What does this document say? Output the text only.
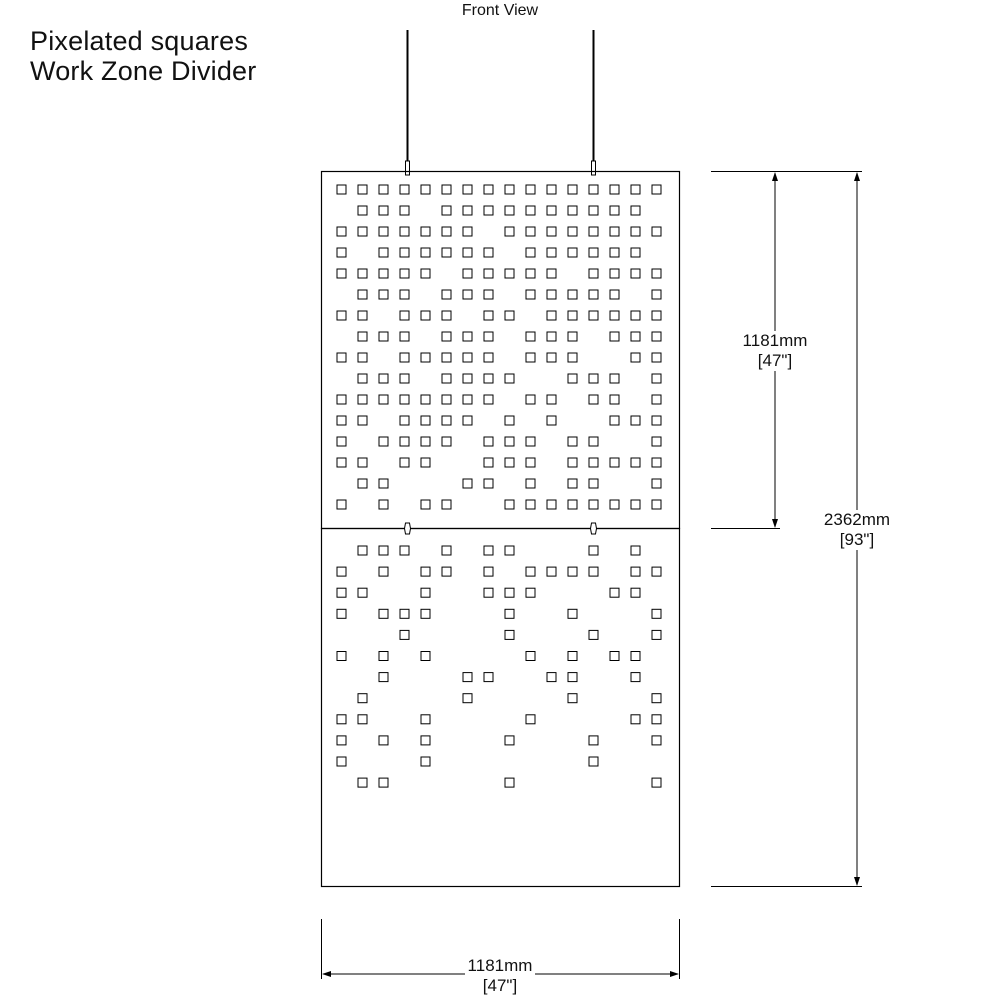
Pixelated squares
Work Zone Divider
Front View
1181mm
[47"]
2362mm
[93"]
1181mm
[47"]
